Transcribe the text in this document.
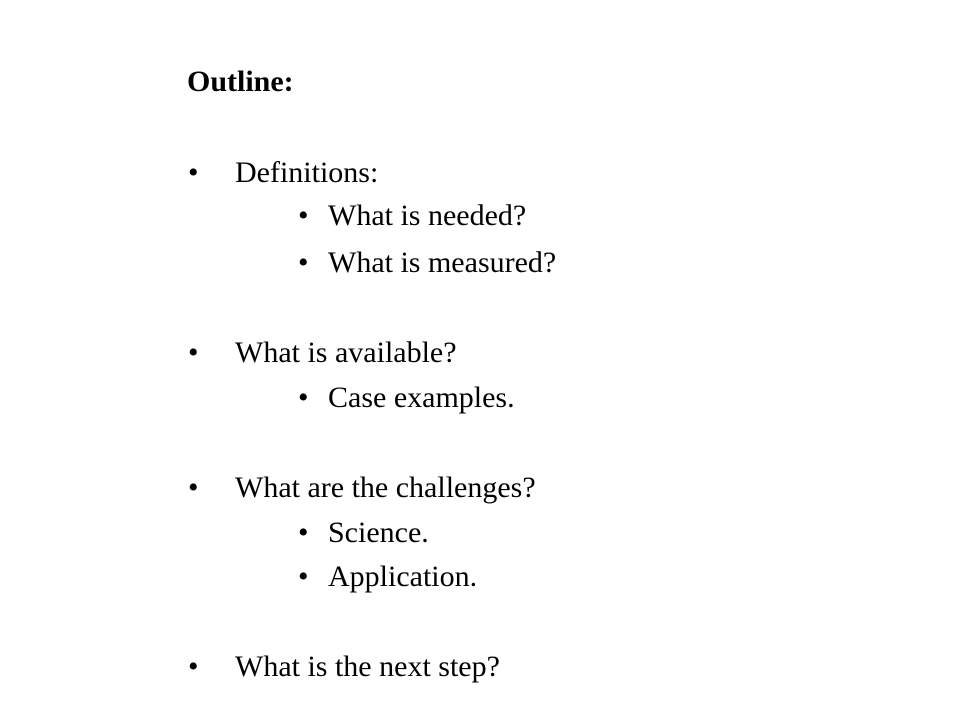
Outline:
• Definitions:
• What is needed?
• What is measured?
• What is available?
• Case examples.
• What are the challenges?
• Science.
• Application.
• What is the next step?
